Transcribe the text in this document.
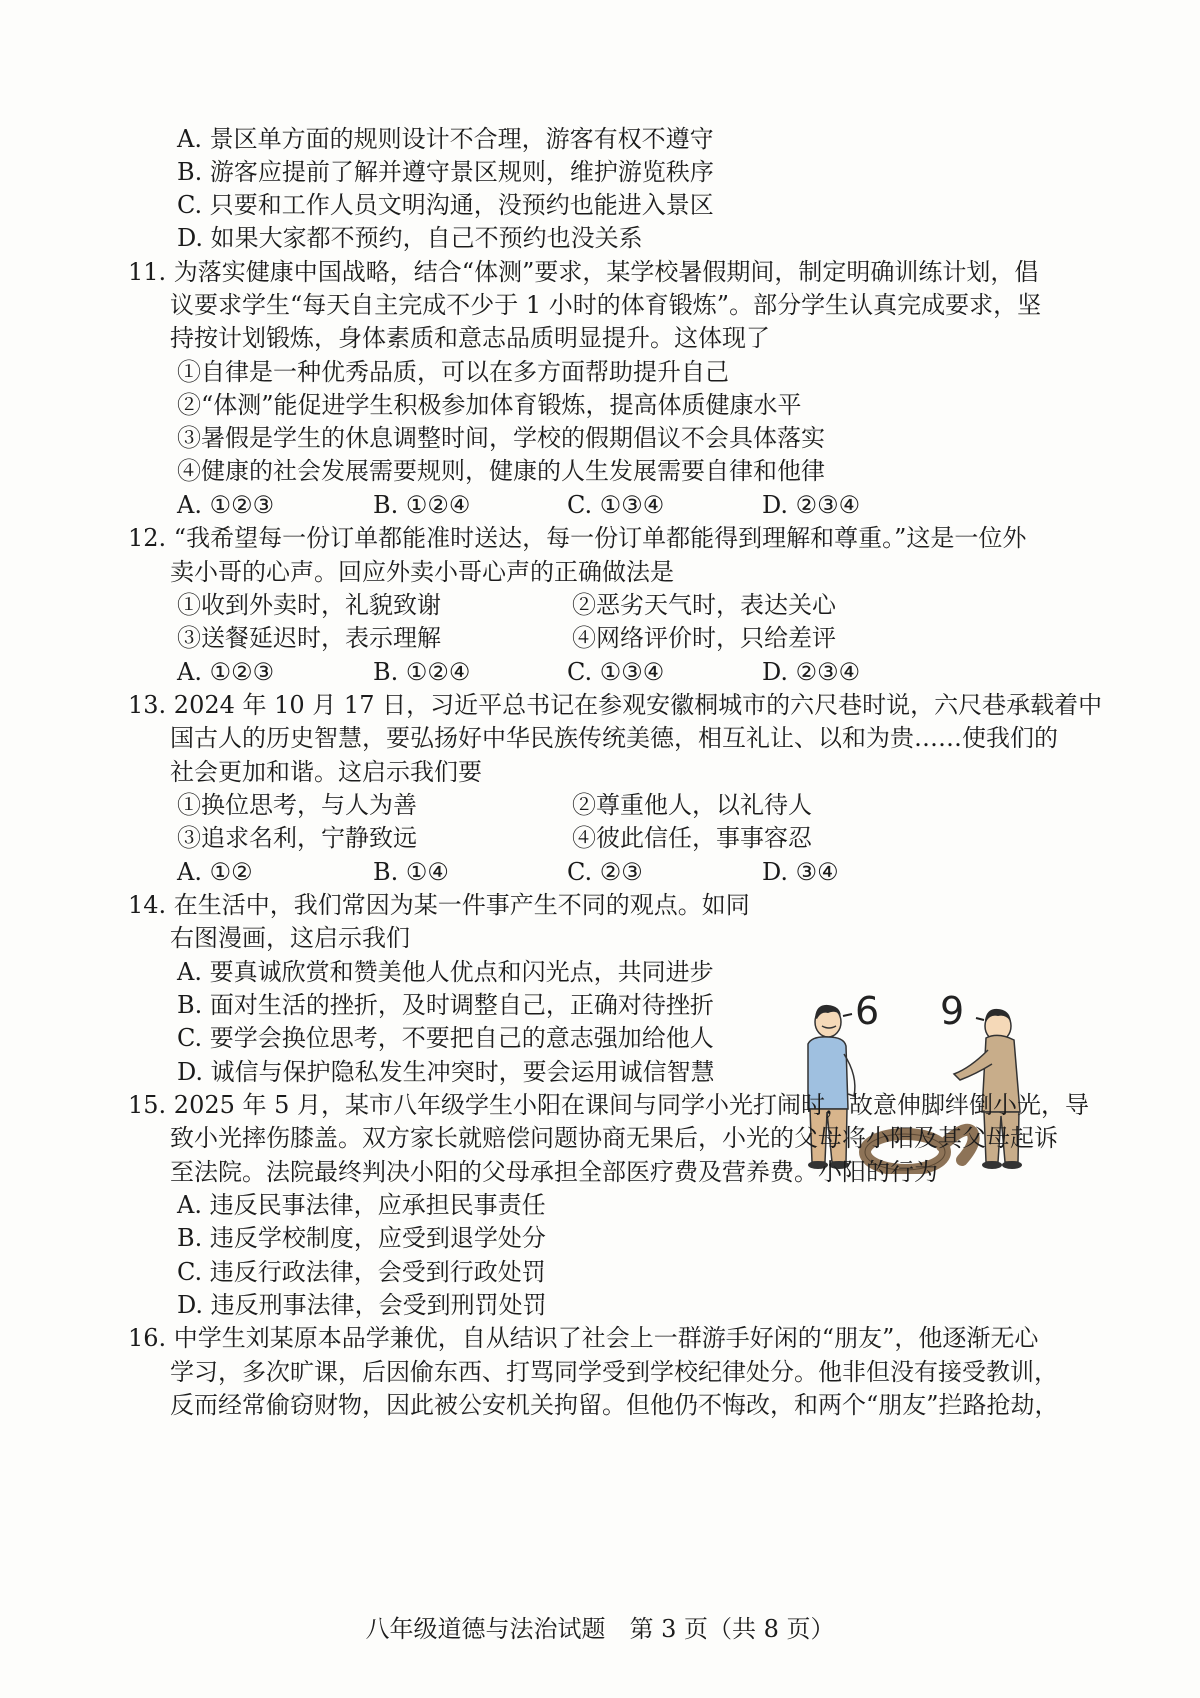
A. 景区单方面的规则设计不合理，游客有权不遵守
B. 游客应提前了解并遵守景区规则，维护游览秩序
C. 只要和工作人员文明沟通，没预约也能进入景区
D. 如果大家都不预约，自己不预约也没关系
11. 为落实健康中国战略，结合“体测”要求，某学校暑假期间，制定明确训练计划，倡
议要求学生“每天自主完成不少于 1 小时的体育锻炼”。部分学生认真完成要求，坚
持按计划锻炼，身体素质和意志品质明显提升。这体现了
①自律是一种优秀品质，可以在多方面帮助提升自己
②“体测”能促进学生积极参加体育锻炼，提高体质健康水平
③暑假是学生的休息调整时间，学校的假期倡议不会具体落实
④健康的社会发展需要规则，健康的人生发展需要自律和他律
A. ①②③	B. ①②④	C. ①③④	D. ②③④
12. “我希望每一份订单都能准时送达，每一份订单都能得到理解和尊重。”这是一位外
卖小哥的心声。回应外卖小哥心声的正确做法是
①收到外卖时，礼貌致谢	②恶劣天气时，表达关心
③送餐延迟时，表示理解	④网络评价时，只给差评
A. ①②③	B. ①②④	C. ①③④	D. ②③④
13. 2024 年 10 月 17 日，习近平总书记在参观安徽桐城市的六尺巷时说，六尺巷承载着中
国古人的历史智慧，要弘扬好中华民族传统美德，相互礼让、以和为贵……使我们的
社会更加和谐。这启示我们要
①换位思考，与人为善	②尊重他人，以礼待人
③追求名利，宁静致远	④彼此信任，事事容忍
A. ①②	B. ①④	C. ②③	D. ③④
14. 在生活中，我们常因为某一件事产生不同的观点。如同
右图漫画，这启示我们
A. 要真诚欣赏和赞美他人优点和闪光点，共同进步
B. 面对生活的挫折，及时调整自己，正确对待挫折
C. 要学会换位思考，不要把自己的意志强加给他人
D. 诚信与保护隐私发生冲突时，要会运用诚信智慧
6 9
15. 2025 年 5 月，某市八年级学生小阳在课间与同学小光打闹时，故意伸脚绊倒小光，导
致小光摔伤膝盖。双方家长就赔偿问题协商无果后，小光的父母将小阳及其父母起诉
至法院。法院最终判决小阳的父母承担全部医疗费及营养费。小阳的行为
A. 违反民事法律，应承担民事责任
B. 违反学校制度，应受到退学处分
C. 违反行政法律，会受到行政处罚
D. 违反刑事法律，会受到刑罚处罚
16. 中学生刘某原本品学兼优，自从结识了社会上一群游手好闲的“朋友”，他逐渐无心
学习，多次旷课，后因偷东西、打骂同学受到学校纪律处分。他非但没有接受教训，
反而经常偷窃财物，因此被公安机关拘留。但他仍不悔改，和两个“朋友”拦路抢劫，
八年级道德与法治试题　第 3 页（共 8 页）
